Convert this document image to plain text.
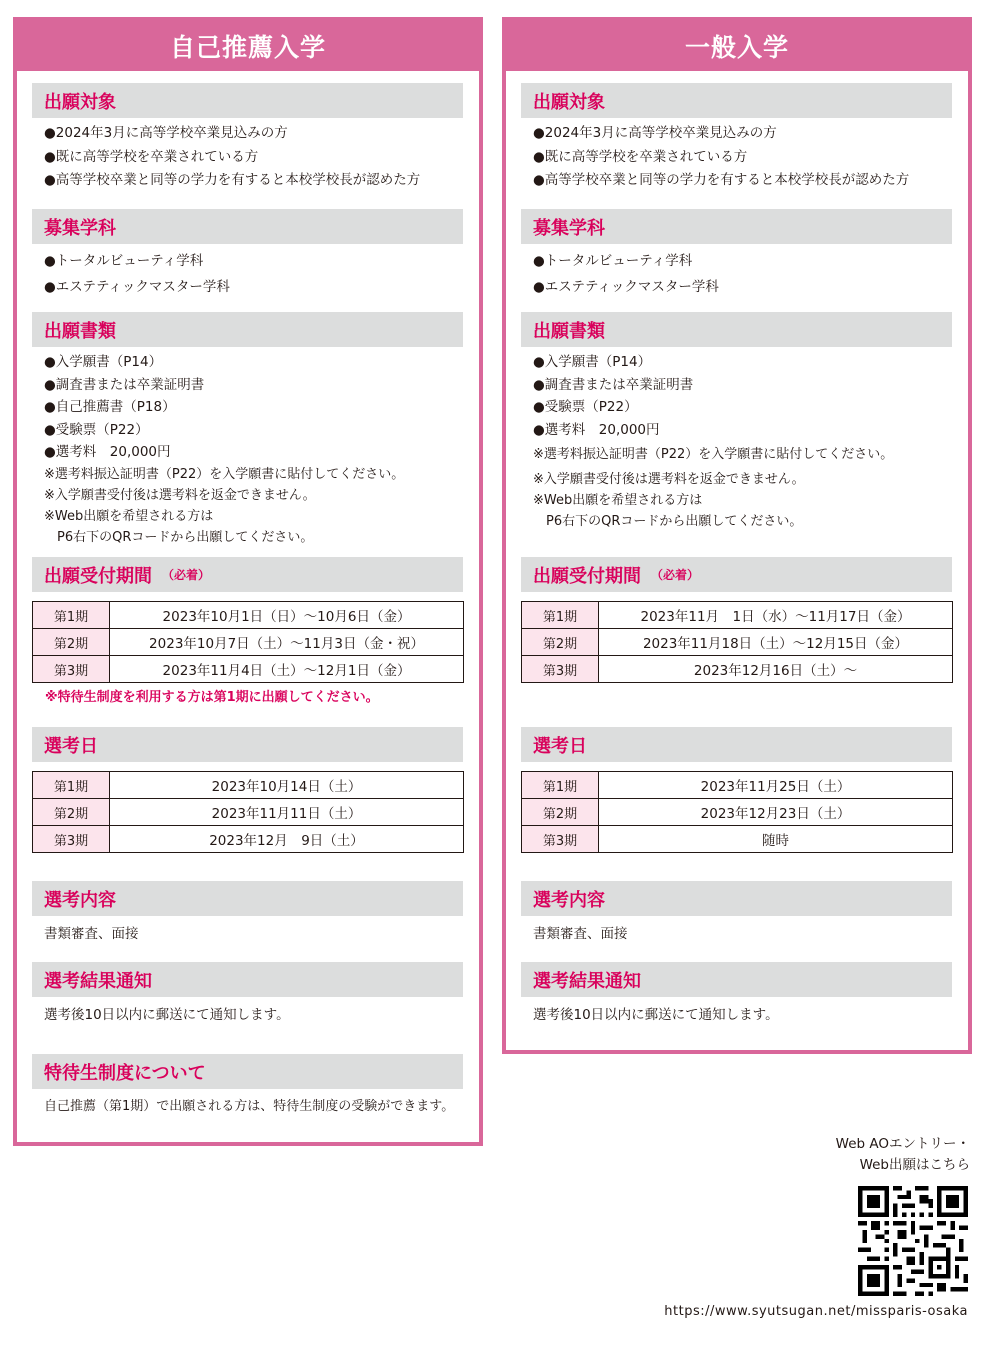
自己推薦入学
出願対象
●2024年3月に高等学校卒業見込みの方
●既に高等学校を卒業されている方
●高等学校卒業と同等の学力を有すると本校学校長が認めた方
募集学科
●トータルビューティ学科
●エステティックマスター学科
出願書類
●入学願書（P14）
●調査書または卒業証明書
●自己推薦書（P18）
●受験票（P22）
●選考料　20,000円
※選考料振込証明書（P22）を入学願書に貼付してください。
※入学願書受付後は選考料を返金できません。
※Web出願を希望される方は
　P6右下のQRコードから出願してください。
出願受付期間 （必着）
第1期	2023年10月1日（日）〜10月6日（金）
第2期	2023年10月7日（土）〜11月3日（金・祝）
第3期	2023年11月4日（土）〜12月1日（金）
※特待生制度を利用する方は第1期に出願してください。
選考日
第1期	2023年10月14日（土）
第2期	2023年11月11日（土）
第3期	2023年12月　9日（土）
選考内容
書類審査、面接
選考結果通知
選考後10日以内に郵送にて通知します。
特待生制度について
自己推薦（第1期）で出願される方は、特待生制度の受験ができます。
一般入学
出願対象
●2024年3月に高等学校卒業見込みの方
●既に高等学校を卒業されている方
●高等学校卒業と同等の学力を有すると本校学校長が認めた方
募集学科
●トータルビューティ学科
●エステティックマスター学科
出願書類
●入学願書（P14）
●調査書または卒業証明書
●受験票（P22）
●選考料　20,000円
※選考料振込証明書（P22）を入学願書に貼付してください。
※入学願書受付後は選考料を返金できません。
※Web出願を希望される方は
　P6右下のQRコードから出願してください。
出願受付期間 （必着）
第1期	2023年11月　1日（水）〜11月17日（金）
第2期	2023年11月18日（土）〜12月15日（金）
第3期	2023年12月16日（土）〜
選考日
第1期	2023年11月25日（土）
第2期	2023年12月23日（土）
第3期	随時
選考内容
書類審査、面接
選考結果通知
選考後10日以内に郵送にて通知します。
Web AOエントリー・
Web出願はこちら
https://www.syutsugan.net/missparis-osaka
